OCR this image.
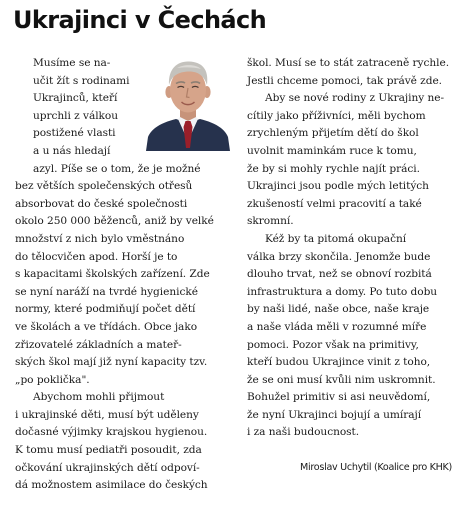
Ukrajinci v Čechách

Musíme se na-
učit žít s rodinami
Ukrajinců, kteří
uprchli z válkou
postižené vlasti
a u nás hledají
azyl. Píše se o tom, že je možné
bez větších společenských otřesů
absorbovat do české společnosti
okolo 250 000 běženců, aniž by velké
množství z nich bylo vměstnáno
do tělocvičen apod. Horší je to
s kapacitami školských zařízení. Zde
se nyní naráží na tvrdé hygienické
normy, které podmiňují počet dětí
ve školách a ve třídách. Obce jako
zřizovatelé základních a mateř-
ských škol mají již nyní kapacity tzv.
„po poklička".

Abychom mohli přijmout
i ukrajinské děti, musí být uděleny
dočasné výjimky krajskou hygienou.
K tomu musí pediatři posoudit, zda
očkování ukrajinských dětí odpoví-
dá možnostem asimilace do českých

škol. Musí se to stát zatraceně rychle.
Jestli chceme pomoci, tak právě zde.

Aby se nové rodiny z Ukrajiny ne-
cítily jako příživníci, měli bychom
zrychleným přijetím dětí do škol
uvolnit maminkám ruce k tomu,
že by si mohly rychle najít práci.
Ukrajinci jsou podle mých letitých
zkušeností velmi pracovití a také
skromní.

Kéž by ta pitomá okupační
válka brzy skončila. Jenomže bude
dlouho trvat, než se obnoví rozbitá
infrastruktura a domy. Po tuto dobu
by naši lidé, naše obce, naše kraje
a naše vláda měli v rozumné míře
pomoci. Pozor však na primitivy,
kteří budou Ukrajince vinit z toho,
že se oni musí kvůli nim uskromnit.
Bohužel primitiv si asi neuvědomí,
že nyní Ukrajinci bojují a umírají
i za naši budoucnost.

Miroslav Uchytil (Koalice pro KHK)
